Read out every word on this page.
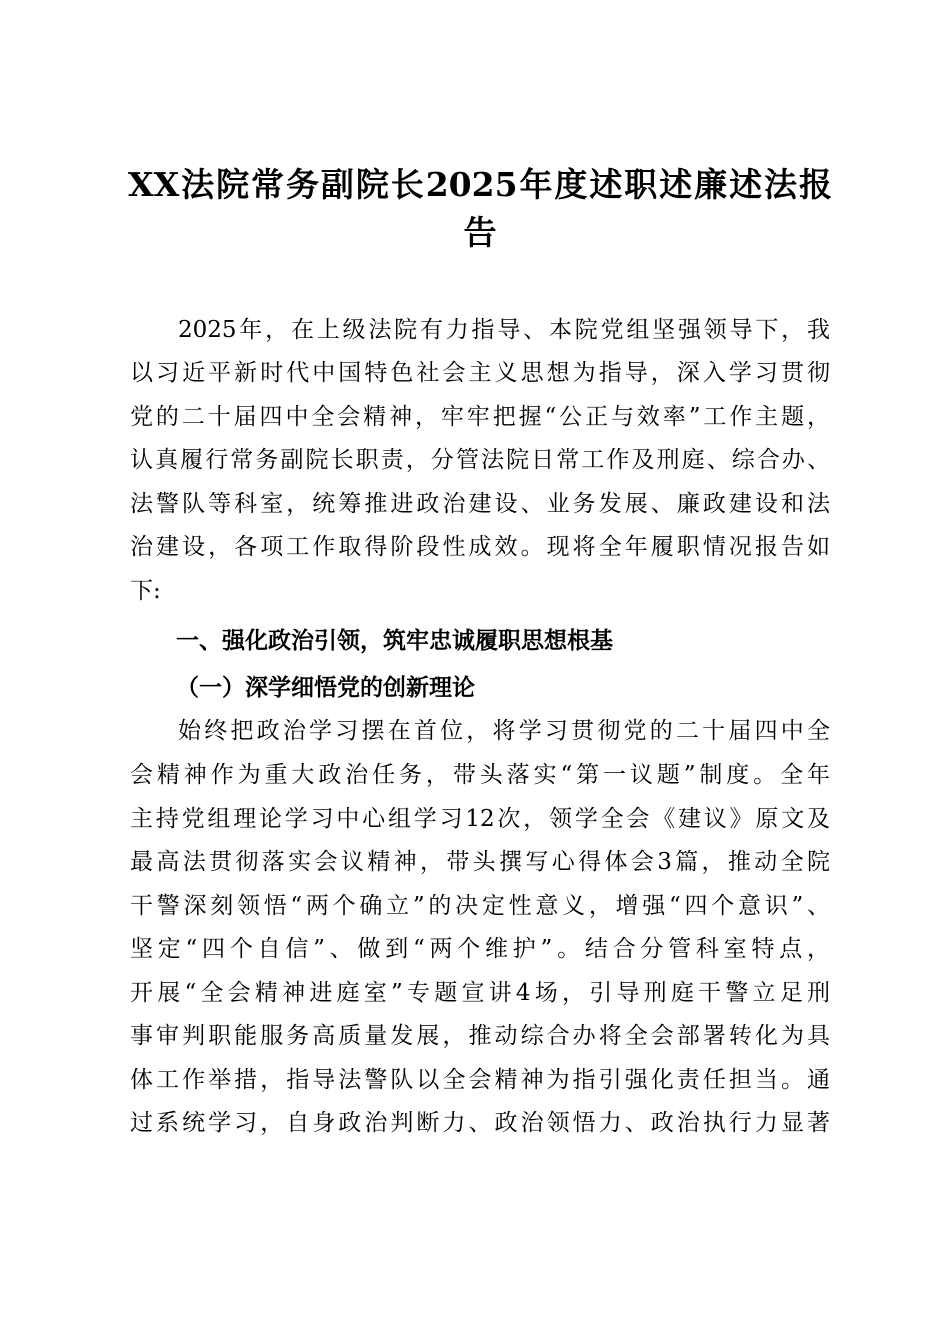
XX法院常务副院长2025年度述职述廉述法报
告
2025年，在上级法院有力指导、本院党组坚强领导下，我
以习近平新时代中国特色社会主义思想为指导，深入学习贯彻
党的二十届四中全会精神，牢牢把握“公正与效率”工作主题，
认真履行常务副院长职责，分管法院日常工作及刑庭、综合办、
法警队等科室，统筹推进政治建设、业务发展、廉政建设和法
治建设，各项工作取得阶段性成效。现将全年履职情况报告如
下:
一、强化政治引领，筑牢忠诚履职思想根基
（一）深学细悟党的创新理论
始终把政治学习摆在首位，将学习贯彻党的二十届四中全
会精神作为重大政治任务，带头落实“第一议题”制度。全年
主持党组理论学习中心组学习12次，领学全会《建议》原文及
最高法贯彻落实会议精神，带头撰写心得体会3篇，推动全院
干警深刻领悟“两个确立”的决定性意义，增强“四个意识”、
坚定“四个自信”、做到“两个维护”。结合分管科室特点，
开展“全会精神进庭室”专题宣讲4场，引导刑庭干警立足刑
事审判职能服务高质量发展，推动综合办将全会部署转化为具
体工作举措，指导法警队以全会精神为指引强化责任担当。通
过系统学习，自身政治判断力、政治领悟力、政治执行力显著
